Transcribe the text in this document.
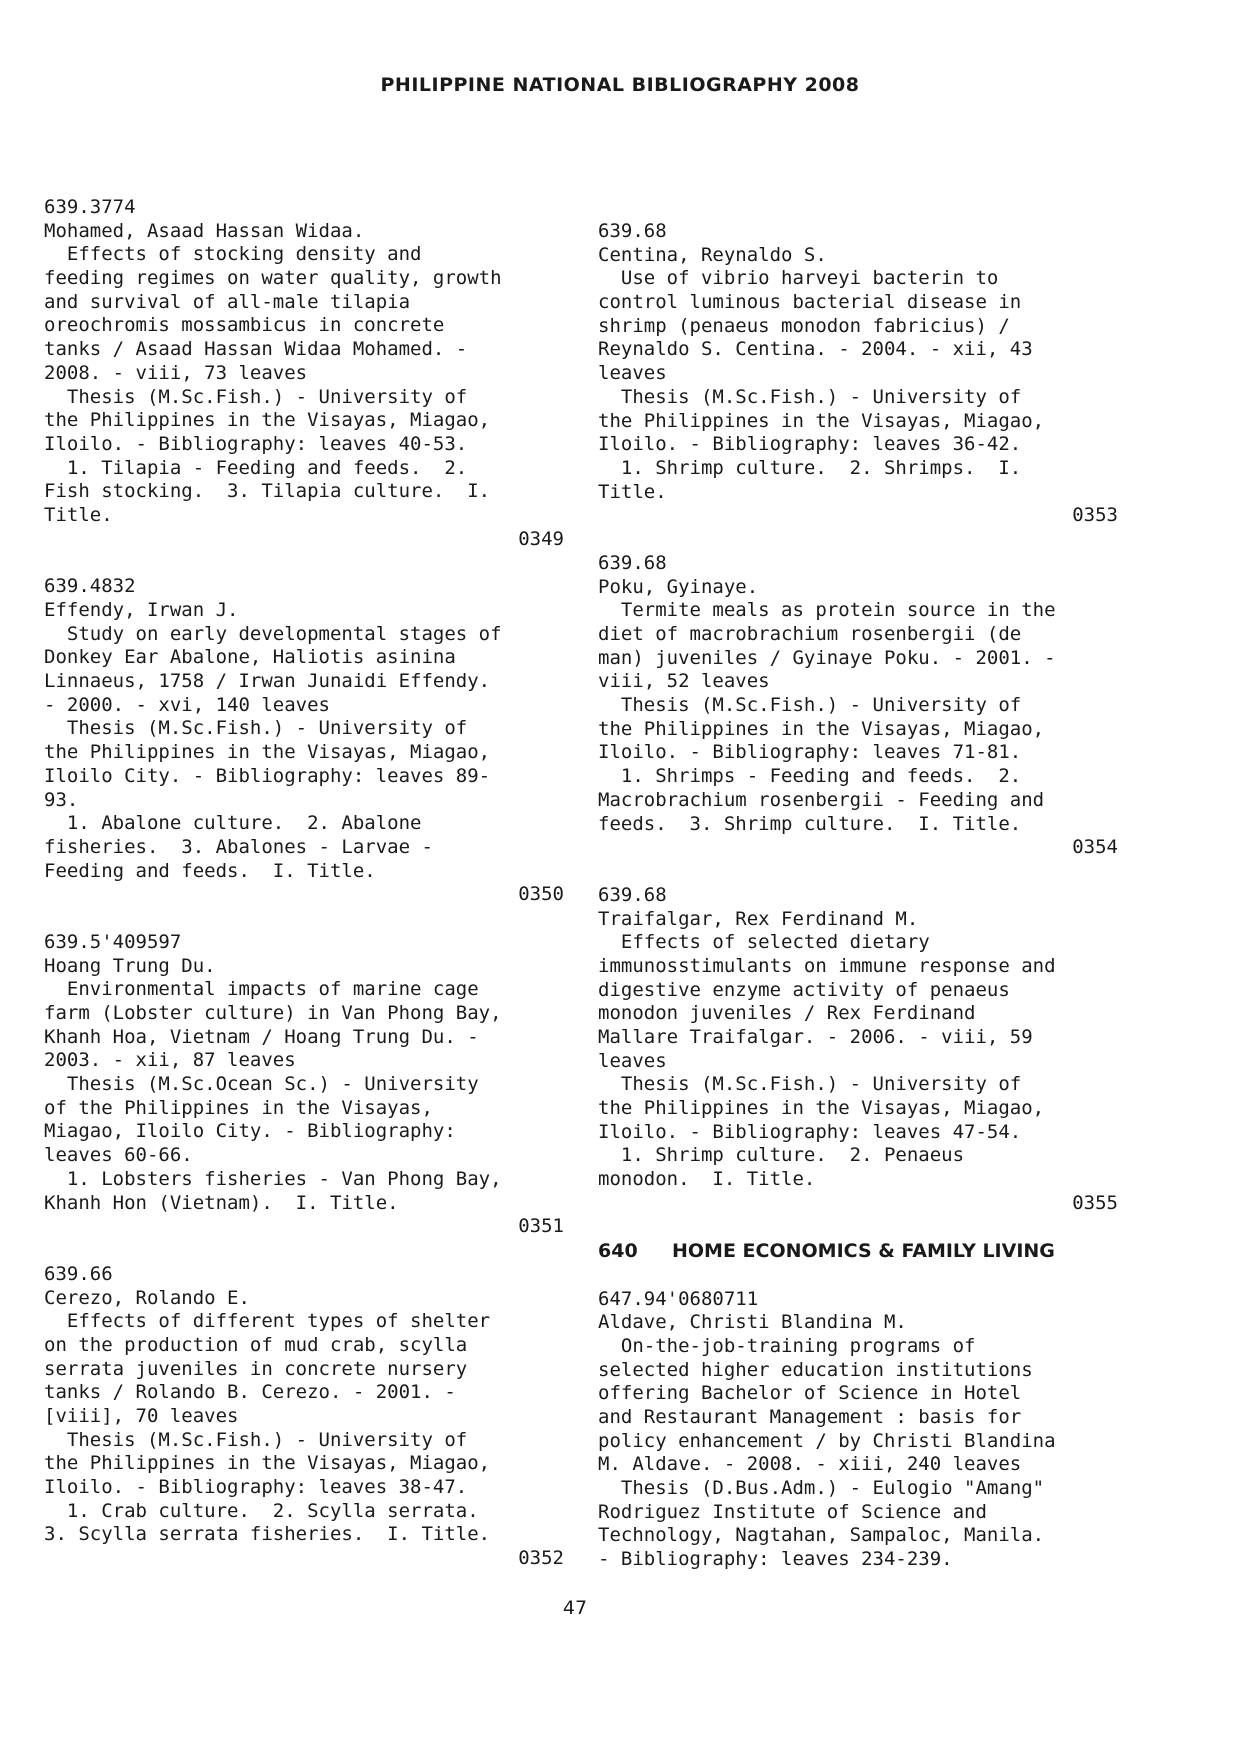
PHILIPPINE NATIONAL BIBLIOGRAPHY 2008
639.3774
Mohamed, Asaad Hassan Widaa.
Effects of stocking density and
feeding regimes on water quality, growth
and survival of all-male tilapia
oreochromis mossambicus in concrete
tanks / Asaad Hassan Widaa Mohamed. -
2008. - viii, 73 leaves
Thesis (M.Sc.Fish.) - University of
the Philippines in the Visayas, Miagao,
Iloilo. - Bibliography: leaves 40-53.
1. Tilapia - Feeding and feeds.  2.
Fish stocking.  3. Tilapia culture.  I.
Title.
0349
639.4832
Effendy, Irwan J.
Study on early developmental stages of
Donkey Ear Abalone, Haliotis asinina
Linnaeus, 1758 / Irwan Junaidi Effendy.
- 2000. - xvi, 140 leaves
Thesis (M.Sc.Fish.) - University of
the Philippines in the Visayas, Miagao,
Iloilo City. - Bibliography: leaves 89-
93.
1. Abalone culture.  2. Abalone
fisheries.  3. Abalones - Larvae -
Feeding and feeds.  I. Title.
0350
639.5'409597
Hoang Trung Du.
Environmental impacts of marine cage
farm (Lobster culture) in Van Phong Bay,
Khanh Hoa, Vietnam / Hoang Trung Du. -
2003. - xii, 87 leaves
Thesis (M.Sc.Ocean Sc.) - University
of the Philippines in the Visayas,
Miagao, Iloilo City. - Bibliography:
leaves 60-66.
1. Lobsters fisheries - Van Phong Bay,
Khanh Hon (Vietnam).  I. Title.
0351
639.66
Cerezo, Rolando E.
Effects of different types of shelter
on the production of mud crab, scylla
serrata juveniles in concrete nursery
tanks / Rolando B. Cerezo. - 2001. -
[viii], 70 leaves
Thesis (M.Sc.Fish.) - University of
the Philippines in the Visayas, Miagao,
Iloilo. - Bibliography: leaves 38-47.
1. Crab culture.  2. Scylla serrata.
3. Scylla serrata fisheries.  I. Title.
0352
639.68
Centina, Reynaldo S.
Use of vibrio harveyi bacterin to
control luminous bacterial disease in
shrimp (penaeus monodon fabricius) /
Reynaldo S. Centina. - 2004. - xii, 43
leaves
Thesis (M.Sc.Fish.) - University of
the Philippines in the Visayas, Miagao,
Iloilo. - Bibliography: leaves 36-42.
1. Shrimp culture.  2. Shrimps.  I.
Title.
0353
639.68
Poku, Gyinaye.
Termite meals as protein source in the
diet of macrobrachium rosenbergii (de
man) juveniles / Gyinaye Poku. - 2001. -
viii, 52 leaves
Thesis (M.Sc.Fish.) - University of
the Philippines in the Visayas, Miagao,
Iloilo. - Bibliography: leaves 71-81.
1. Shrimps - Feeding and feeds.  2.
Macrobrachium rosenbergii - Feeding and
feeds.  3. Shrimp culture.  I. Title.
0354
639.68
Traifalgar, Rex Ferdinand M.
Effects of selected dietary
immunosstimulants on immune response and
digestive enzyme activity of penaeus
monodon juveniles / Rex Ferdinand
Mallare Traifalgar. - 2006. - viii, 59
leaves
Thesis (M.Sc.Fish.) - University of
the Philippines in the Visayas, Miagao,
Iloilo. - Bibliography: leaves 47-54.
1. Shrimp culture.  2. Penaeus
monodon.  I. Title.
0355
640 HOME ECONOMICS & FAMILY LIVING
647.94'0680711
Aldave, Christi Blandina M.
On-the-job-training programs of
selected higher education institutions
offering Bachelor of Science in Hotel
and Restaurant Management : basis for
policy enhancement / by Christi Blandina
M. Aldave. - 2008. - xiii, 240 leaves
Thesis (D.Bus.Adm.) - Eulogio "Amang"
Rodriguez Institute of Science and
Technology, Nagtahan, Sampaloc, Manila.
- Bibliography: leaves 234-239.
47
